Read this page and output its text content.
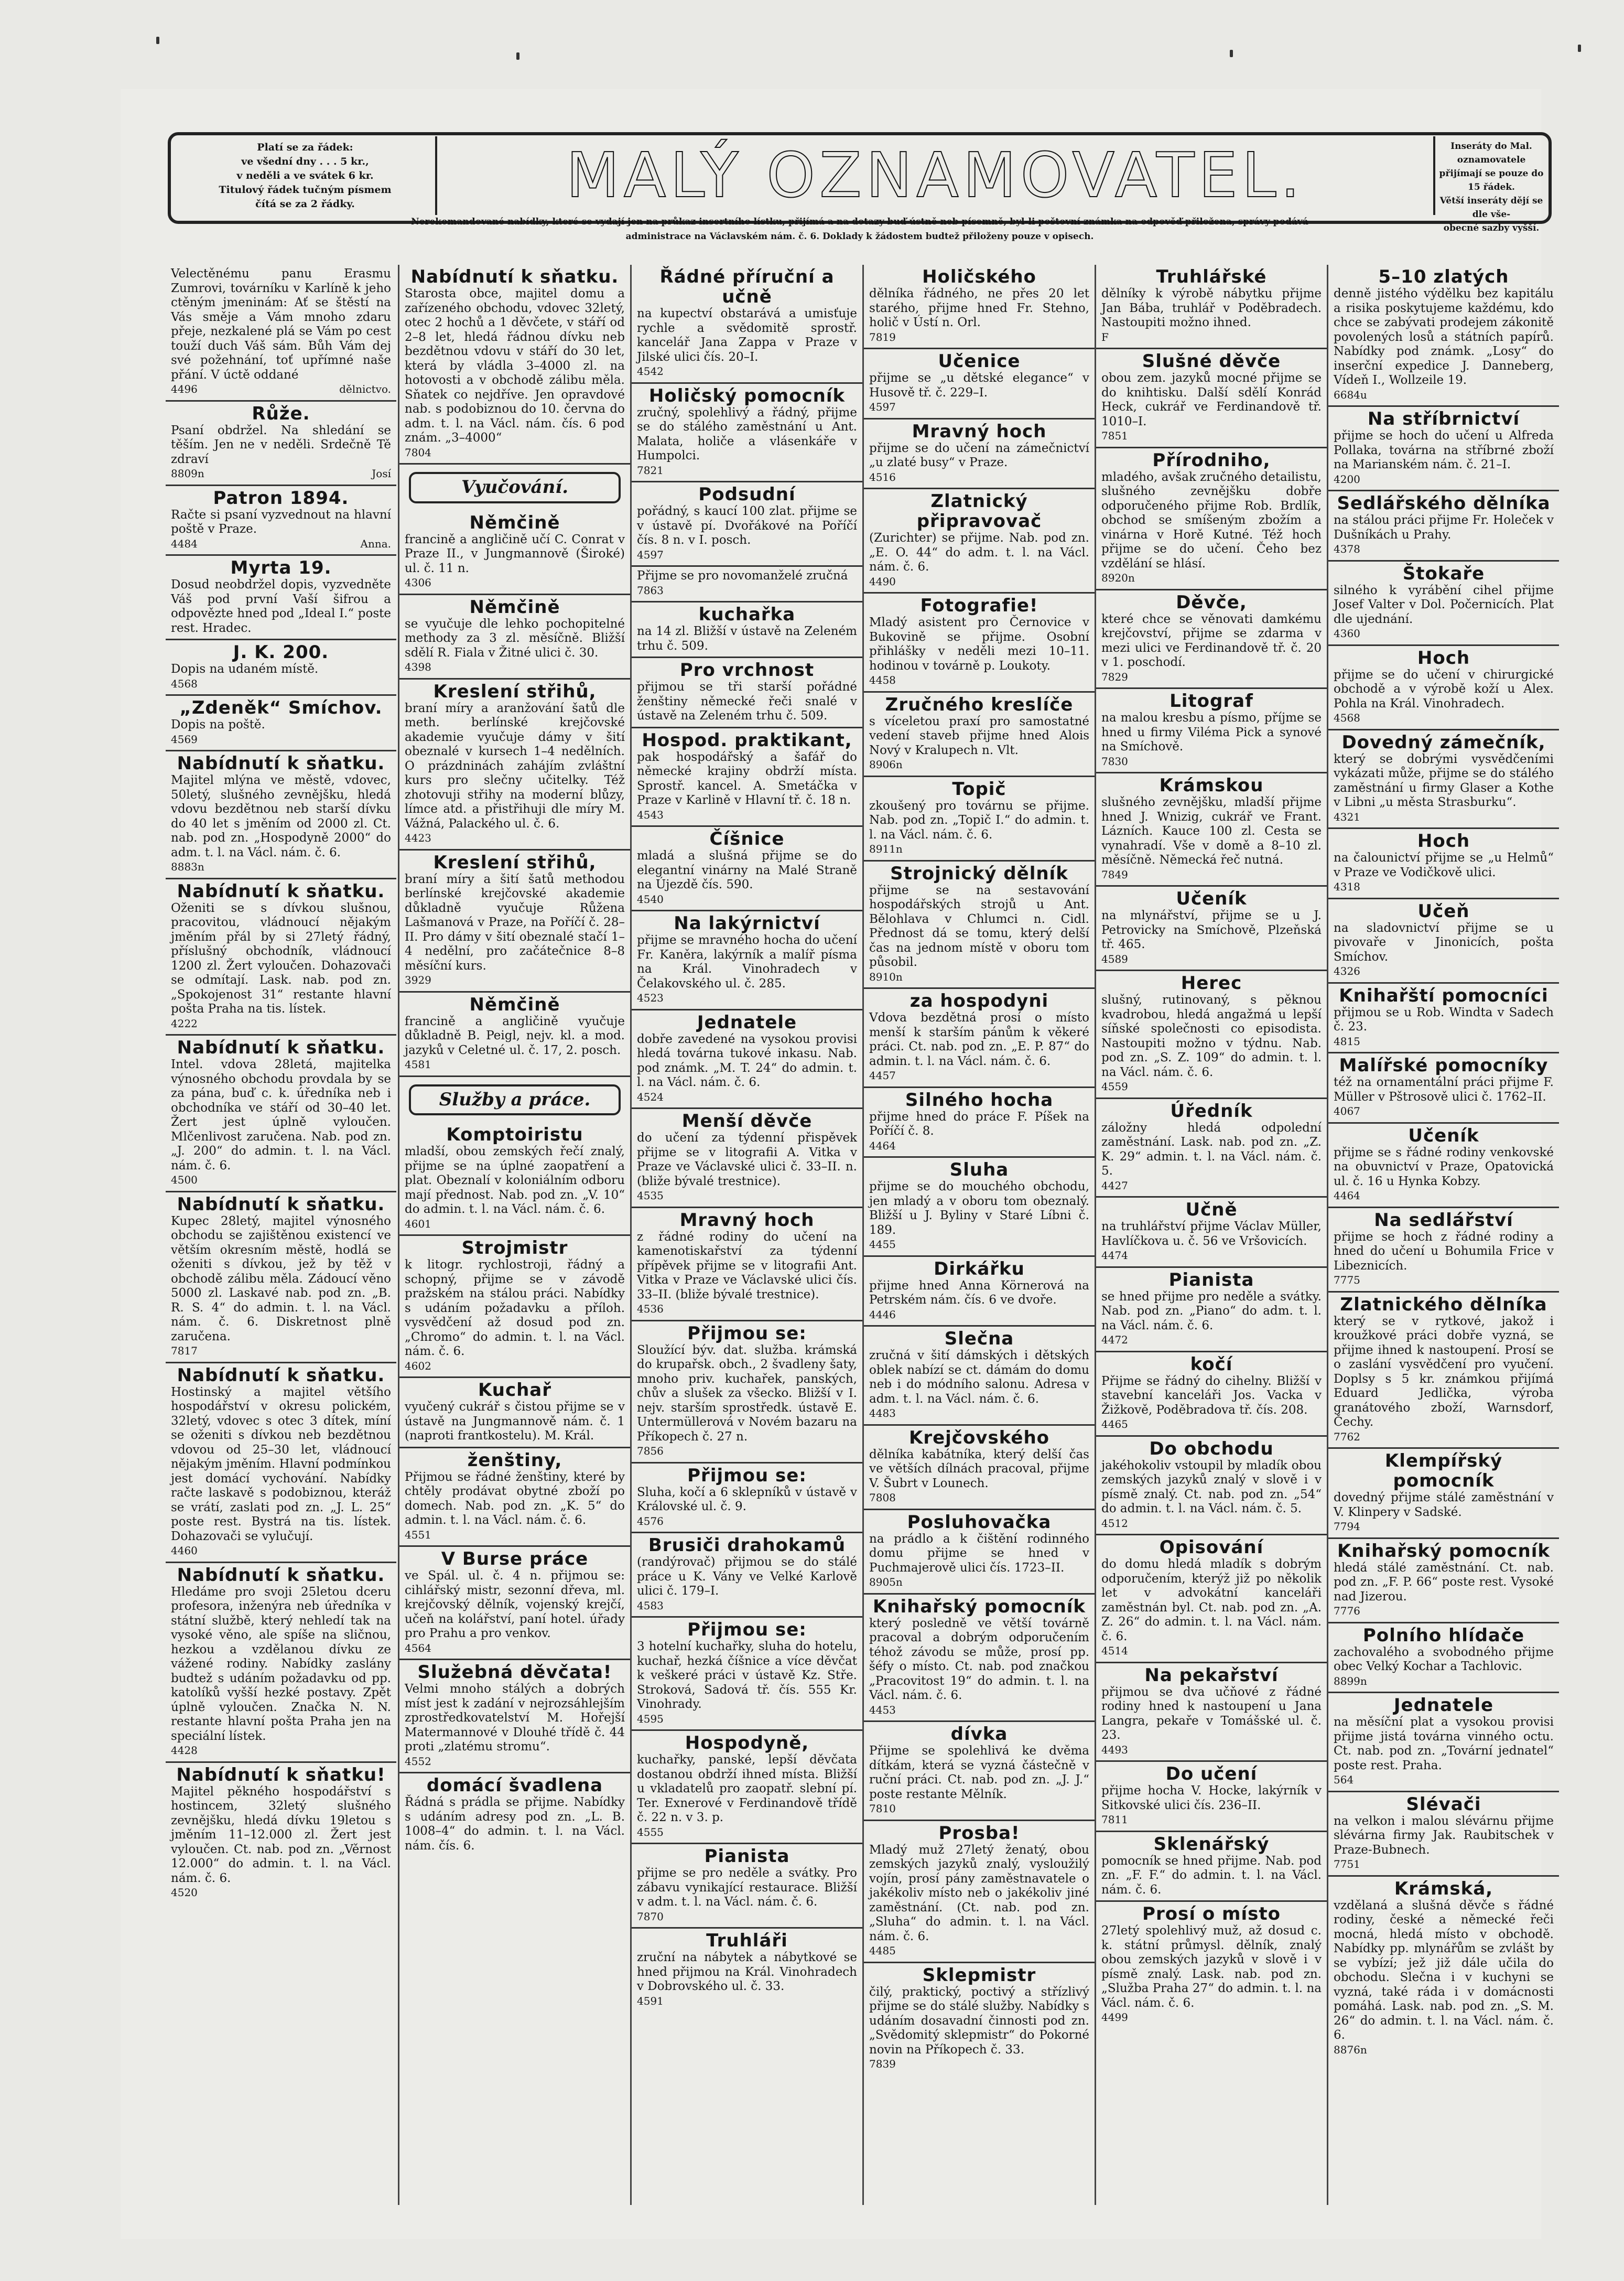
Platí se za řádek:
ve všední dny . . . 5 kr.,
v neděli a ve svátek 6 kr.
Titulový řádek tučným písmem
čítá se za 2 řádky.	MALÝ OZNAMOVATEL.	Inseráty do Mal. oznamovatele
přijímají se pouze do 15 řádek.
Větší inseráty dějí se dle vše-
obecné sazby vyšší.
Nerekomandované nabídky, které se vydají jen na průkaz insertního lístku, přijímá a na dotazy buď ústně neb písemně, byl-li poštovní známka na odpověď přiložena, správy podává
administrace na Václavském nám. č. 6. Doklady k žádostem budtež přiloženy pouze v opisech.
Velectěnému panu Erasmu Zumrovi, továrníku v Karlíně k jeho ctěným jmeninám: Ať se štěstí na Vás směje a Vám mnoho zdaru přeje, nezkalené plá se Vám po cest touží duch Váš sám. Bůh Vám dej své požehnání, toť upřímné naše přání. V úctě oddané
4496	dělnictvo.
Růže.
Psaní obdržel. Na shledání se těším. Jen ne v neděli. Srdečně Tě zdraví
8809n	Josí
Patron 1894.
Račte si psaní vyzvednout na hlavní poště v Praze.
4484	Anna.
Myrta 19.
Dosud neobdržel dopis, vyzvedněte Váš pod první Vaší šifrou a odpovězte hned pod „Ideal I.“ poste rest. Hradec.
J. K. 200.
Dopis na udaném místě.
4568
„Zdeněk“ Smíchov.
Dopis na poště.
4569
Nabídnutí k sňatku.
Majitel mlýna ve městě, vdovec, 50letý, slušného zevnějšku, hledá vdovu bezdětnou neb starší dívku do 40 let s jměním od 2000 zl. Ct. nab. pod zn. „Hospodyně 2000“ do adm. t. l. na Václ. nám. č. 6.
8883n
Nabídnutí k sňatku.
Oženiti se s dívkou slušnou, pracovitou, vládnoucí nějakým jměním přál by si 27letý řádný, příslušný obchodník, vládnoucí 1200 zl. Žert vyloučen. Dohazovači se odmítají. Lask. nab. pod zn. „Spokojenost 31“ restante hlavní pošta Praha na tis. lístek.
4222
Nabídnutí k sňatku.
Intel. vdova 28letá, majitelka výnosného obchodu provdala by se za pána, buď c. k. úředníka neb i obchodníka ve stáří od 30–40 let. Žert jest úplně vyloučen. Mlčenlivost zaručena. Nab. pod zn. „J. 200“ do admin. t. l. na Václ. nám. č. 6.
4500
Nabídnutí k sňatku.
Kupec 28letý, majitel výnosného obchodu se zajištěnou existencí ve větším okresním městě, hodlá se oženiti s dívkou, jež by těž v obchodě zálibu měla. Zádoucí věno 5000 zl. Laskavé nab. pod zn. „B. R. S. 4“ do admin. t. l. na Václ. nám. č. 6. Diskretnost plně zaručena.
7817
Nabídnutí k sňatku.
Hostinský a majitel většího hospodářství v okresu polickém, 32letý, vdovec s otec 3 dítek, míní se oženiti s dívkou neb bezdětnou vdovou od 25–30 let, vládnoucí nějakým jměním. Hlavní podmínkou jest domácí vychování. Nabídky račte laskavě s podobiznou, kteráž se vrátí, zaslati pod zn. „J. L. 25“ poste rest. Bystrá na tis. lístek. Dohazovači se vylučují.
4460
Nabídnutí k sňatku.
Hledáme pro svoji 25letou dceru profesora, inženýra neb úředníka v státní službě, který nehledí tak na vysoké věno, ale spíše na sličnou, hezkou a vzdělanou dívku ze vážené rodiny. Nabídky zaslány budtež s udáním požadavku od pp. katolíků vyšší hezké postavy. Zpět úplně vyloučen. Značka N. N. restante hlavní pošta Praha jen na speciální lístek.
4428
Nabídnutí k sňatku!
Majitel pěkného hospodářství s hostincem, 32letý slušného zevnějšku, hledá dívku 19letou s jměním 11–12.000 zl. Žert jest vyloučen. Ct. nab. pod zn. „Věrnost 12.000“ do admin. t. l. na Václ. nám. č. 6.
4520
Nabídnutí k sňatku.
Starosta obce, majitel domu a zařízeného obchodu, vdovec 32letý, otec 2 hochů a 1 děvčete, v stáří od 2–8 let, hledá řádnou dívku neb bezdětnou vdovu v stáří do 30 let, která by vládla 3–4000 zl. na hotovosti a v obchodě zálibu měla. Sňatek co nejdříve. Jen opravdové nab. s podobiznou do 10. června do adm. t. l. na Václ. nám. čís. 6 pod znám. „3–4000“
7804
Vyučování.
Němčině
francině a angličině učí C. Conrat v Praze II., v Jungmannově (Široké) ul. č. 11 n.
4306
Němčině
se vyučuje dle lehko pochopitelné methody za 3 zl. měsíčně. Bližší sdělí R. Fiala v Žitné ulici č. 30.
4398
Kreslení střihů,
braní míry a aranžování šatů dle meth. berlínské krejčovské akademie vyučuje dámy v šití obeznalé v kursech 1–4 nedělních. O prázdninách zahájím zvláštní kurs pro slečny učitelky. Též zhotovuji střihy na moderní blůzy, límce atd. a přistřihuji dle míry M. Vážná, Palackého ul. č. 6.
4423
Kreslení střihů,
braní míry a šití šatů methodou berlínské krejčovské akademie důkladně vyučuje Růžena Lašmanová v Praze, na Poříčí č. 28–II. Pro dámy v šití obeznalé stačí 1–4 nedělní, pro začátečnice 8–8 měsíční kurs.
3929
Němčině
francině a angličině vyučuje důkladně B. Peigl, nejv. kl. a mod. jazyků v Celetné ul. č. 17, 2. posch.
4581
Služby a práce.
Komptoiristu
mladší, obou zemských řečí znalý, přijme se na úplné zaopatření a plat. Obeznalí v koloniálním odboru mají přednost. Nab. pod zn. „V. 10“ do admin. t. l. na Václ. nám. č. 6.
4601
Strojmistr
k litogr. rychlostroji, řádný a schopný, přijme se v závodě pražském na stálou práci. Nabídky s udáním požadavku a příloh. vysvědčení až dosud pod zn. „Chromo“ do admin. t. l. na Václ. nám. č. 6.
4602
Kuchař
vyučený cukrář s čistou přijme se v ústavě na Jungmannově nám. č. 1 (naproti frantkostelu). M. Král.
ženštiny,
Přijmou se řádné ženštiny, které by chtěly prodávat obytné zboží po domech. Nab. pod zn. „K. 5“ do admin. t. l. na Václ. nám. č. 6.
4551
V Burse práce
ve Spál. ul. č. 4 n. přijmou se: cihlářský mistr, sezonní dřeva, ml. krejčovský dělník, vojenský krejčí, učeň na kolářství, paní hotel. úřady pro Prahu a pro venkov.
4564
Služebná děvčata!
Velmi mnoho stálých a dobrých míst jest k zadání v nejrozsáhlejším zprostředkovatelství M. Hořejší Matermannové v Dlouhé třídě č. 44 proti „zlatému stromu“.
4552
domácí švadlena
Řádná s prádla se přijme. Nabídky s udáním adresy pod zn. „L. B. 1008–4“ do admin. t. l. na Václ. nám. čís. 6.
Řádné příruční a učně
na kupectví obstarává a umisťuje rychle a svědomitě sprostř. kancelář Jana Zappa v Praze v Jilské ulici čís. 20–I.
4542
Holičský pomocník
zručný, spolehlivý a řádný, přijme se do stálého zaměstnání u Ant. Malata, holiče a vlásenkáře v Humpolci.
7821
Podsudní
pořádný, s kaucí 100 zlat. přijme se v ústavě pí. Dvořákové na Poříčí čís. 8 n. v I. posch.
4597
Přijme se pro novomanželé zručná
7863
kuchařka
na 14 zl. Bližší v ústavě na Zeleném trhu č. 509.
Pro vrchnost
přijmou se tři starší pořádné ženštiny německé řeči snalé v ústavě na Zeleném trhu č. 509.
Hospod. praktikant,
pak hospodářský a šafář do německé krajiny obdrží místa. Sprostř. kancel. A. Smetáčka v Praze v Karlině v Hlavní tř. č. 18 n.
4543
Číšnice
mladá a slušná přijme se do elegantní vinárny na Malé Straně na Újezdě čís. 590.
4540
Na lakýrnictví
přijme se mravného hocha do učení Fr. Kaněra, lakýrník a malíř písma na Král. Vinohradech v Čelakovského ul. č. 285.
4523
Jednatele
dobře zavedené na vysokou provisi hledá továrna tukové inkasu. Nab. pod známk. „M. T. 24“ do admin. t. l. na Václ. nám. č. 6.
4524
Menší děvče
do učení za týdenní přispěvek přijme se v litografii A. Vitka v Praze ve Václavské ulici č. 33–II. n. (bliže bývalé trestnice).
4535
Mravný hoch
z řádné rodiny do učení na kamenotiskařství za týdenní přípěvek přijme se v litografii Ant. Vitka v Praze ve Václavské ulici čís. 33–II. (bliže bývalé trestnice).
4536
Přijmou se:
Sloužící býv. dat. služba. krámská do krupařsk. obch., 2 švadleny šaty, mnoho priv. kuchařek, panských, chův a slušek za všecko. Bližší v I. nejv. starším sprostředk. ústavě E. Untermüllerová v Novém bazaru na Příkopech č. 27 n.
7856
Přijmou se:
Sluha, kočí a 6 sklepníků v ústavě v Královské ul. č. 9.
4576
Brusiči drahokamů
(randýrovač) přijmou se do stálé práce u K. Vány ve Velké Karlově ulici č. 179–I.
4583
Přijmou se:
3 hotelní kuchařky, sluha do hotelu, kuchař, hezká číšnice a více děvčat k veškeré práci v ústavě Kz. Stře. Stroková, Sadová tř. čís. 555 Kr. Vinohrady.
4595
Hospodyně,
kuchařky, panské, lepší děvčata dostanou obdrží ihned místa. Bližší u vkladatelů pro zaopatř. slební pí. Ter. Exnerové v Ferdinandově třídě č. 22 n. v 3. p.
4555
Pianista
přijme se pro neděle a svátky. Pro zábavu vynikající restaurace. Bližší v adm. t. l. na Václ. nám. č. 6.
7870
Truhláři
zruční na nábytek a nábytkové se hned přijmou na Král. Vinohradech v Dobrovského ul. č. 33.
4591
Holičského
dělníka řádného, ne přes 20 let starého, přijme hned Fr. Stehno, holič v Ústí n. Orl.
7819
Učenice
přijme se „u dětské elegance“ v Husově tř. č. 229–I.
4597
Mravný hoch
přijme se do učení na zámečnictví „u zlaté busy“ v Praze.
4516
Zlatnický připravovač
(Zurichter) se přijme. Nab. pod zn. „E. O. 44“ do adm. t. l. na Václ. nám. č. 6.
4490
Fotografie!
Mladý asistent pro Černovice v Bukovině se přijme. Osobní přihlášky v neděli mezi 10–11. hodinou v továrně p. Loukoty.
4458
Zručného kreslíče
s víceletou praxí pro samostatné vedení staveb přijme hned Alois Nový v Kralupech n. Vlt.
8906n
Topič
zkoušený pro továrnu se přijme. Nab. pod zn. „Topič I.“ do admin. t. l. na Václ. nám. č. 6.
8911n
Strojnický dělník
přijme se na sestavování hospodářských strojů u Ant. Bělohlava v Chlumci n. Cidl. Přednost dá se tomu, který delší čas na jednom místě v oboru tom působil.
8910n
za hospodyni
Vdova bezdětná prosí o místo menší k starším pánům k věkeré práci. Ct. nab. pod zn. „E. P. 87“ do admin. t. l. na Václ. nám. č. 6.
4457
Silného hocha
přijme hned do práce F. Píšek na Poříčí č. 8.
4464
Sluha
přijme se do mouchého obchodu, jen mladý a v oboru tom obeznalý. Bližší u J. Byliny v Staré Líbni č. 189.
4455
Dirkářku
přijme hned Anna Körnerová na Petrském nám. čís. 6 ve dvoře.
4446
Slečna
zručná v šití dámských i dětských oblek nabízí se ct. dámám do domu neb i do módního salonu. Adresa v adm. t. l. na Václ. nám. č. 6.
4483
Krejčovského
dělníka kabátníka, který delší čas ve větších dílnách pracoval, přijme V. Šubrt v Lounech.
7808
Posluhovačka
na prádlo a k čištění rodinného domu přijme se hned v Puchmajerově ulici čís. 1723–II.
8905n
Knihařský pomocník
který posledně ve větší továrně pracoval a dobrým odporučením téhož závodu se může, prosí pp. šéfy o místo. Ct. nab. pod značkou „Pracovitost 19“ do admin. t. l. na Václ. nám. č. 6.
4453
dívka
Přijme se spolehlivá ke dvěma dítkám, která se vyzná částečně v ruční práci. Ct. nab. pod zn. „J. J.“ poste restante Mělník.
7810
Prosba!
Mladý muž 27letý ženatý, obou zemských jazyků znalý, vysloužilý vojín, prosí pány zaměstnavatele o jakékoliv místo neb o jakékoliv jiné zaměstnání. (Ct. nab. pod zn. „Sluha“ do admin. t. l. na Václ. nám. č. 6.
4485
Sklepmistr
čilý, praktický, poctivý a střízlivý přijme se do stálé služby. Nabídky s udáním dosavadní činnosti pod zn. „Svědomitý sklepmistr“ do Pokorné novin na Příkopech č. 33.
7839
Truhlářské
dělníky k výrobě nábytku přijme Jan Bába, truhlář v Poděbradech. Nastoupiti možno ihned.
F
Slušné děvče
obou zem. jazyků mocné přijme se do knihtisku. Další sdělí Konrád Heck, cukrář ve Ferdinandově tř. 1010–I.
7851
Přírodniho,
mladého, avšak zručného detailistu, slušného zevnějšku dobře odporučeného přijme Rob. Brdlík, obchod se smíšeným zbožím a vinárna v Horě Kutné. Též hoch přijme se do učení. Čeho bez vzdělání se hlásí.
8920n
Děvče,
které chce se věnovati damkému krejčovství, přijme se zdarma v mezi ulici ve Ferdinandově tř. č. 20 v 1. poschodí.
7829
Litograf
na malou kresbu a písmo, příjme se hned u firmy Viléma Pick a synové na Smíchově.
7830
Krámskou
slušného zevnějšku, mladší přijme hned J. Wnizig, cukrář ve Frant. Lázních. Kauce 100 zl. Cesta se vynahradí. Vše v domě a 8–10 zl. měsíčně. Německá řeč nutná.
7849
Učeník
na mlynářství, přijme se u J. Petrovicky na Smíchově, Plzeňská tř. 465.
4589
Herec
slušný, rutinovaný, s pěknou kvadrobou, hledá angažmá u lepší síňské společnosti co episodista. Nastoupiti možno v týdnu. Nab. pod zn. „S. Z. 109“ do admin. t. l. na Václ. nám. č. 6.
4559
Úředník
záložny hledá odpolední zaměstnání. Lask. nab. pod zn. „Z. K. 29“ admin. t. l. na Václ. nám. č. 5.
4427
Učně
na truhlářství přijme Václav Müller, Havlíčkova u. č. 56 ve Vršovicích.
4474
Pianista
se hned přijme pro neděle a svátky. Nab. pod zn. „Piano“ do adm. t. l. na Václ. nám. č. 6.
4472
kočí
Přijme se řádný do cihelny. Bližší v stavební kanceláři Jos. Vacka v Žižkově, Poděbradova tř. čís. 208.
4465
Do obchodu
jakéhokoliv vstoupil by mladík obou zemských jazyků znalý v slově i v písmě znalý. Ct. nab. pod zn. „54“ do admin. t. l. na Václ. nám. č. 5.
4512
Opisování
do domu hledá mladík s dobrým odporučením, kterýž již po několik let v advokátní kanceláři zaměstnán byl. Ct. nab. pod zn. „A. Z. 26“ do admin. t. l. na Václ. nám. č. 6.
4514
Na pekařství
přijmou se dva učňové z řádné rodiny hned k nastoupení u Jana Langra, pekaře v Tomášské ul. č. 23.
4493
Do učení
přijme hocha V. Hocke, lakýrník v Sitkovské ulici čís. 236–II.
7811
Sklenářský
pomocník se hned přijme. Nab. pod zn. „F. F.“ do admin. t. l. na Václ. nám. č. 6.
Prosí o místo
27letý spolehlivý muž, až dosud c. k. státní průmysl. dělník, znalý obou zemských jazyků v slově i v písmě znalý. Lask. nab. pod zn. „Služba Praha 27“ do admin. t. l. na Václ. nám. č. 6.
4499
5–10 zlatých
denně jistého výdělku bez kapitálu a risika poskytujeme každému, kdo chce se zabývati prodejem zákonitě povolených losů a státních papírů. Nabídky pod známk. „Losy“ do inserční expedice J. Danneberg, Vídeň I., Wollzeile 19.
6684u
Na stříbrnictví
přijme se hoch do učení u Alfreda Pollaka, továrna na stříbrné zboží na Marianském nám. č. 21–I.
4200
Sedlářského dělníka
na stálou práci přijme Fr. Holeček v Dušníkách u Prahy.
4378
Štokaře
silného k vyrábění cihel přijme Josef Valter v Dol. Počernicích. Plat dle ujednání.
4360
Hoch
přijme se do učení v chirurgické obchodě a v výrobě koží u Alex. Pohla na Král. Vinohradech.
4568
Dovedný zámečník,
který se dobrými vysvědčeními vykázati může, přijme se do stálého zaměstnání u firmy Glaser a Kothe v Libni „u města Strasburku“.
4321
Hoch
na čalounictví přijme se „u Helmů“ v Praze ve Vodičkově ulici.
4318
Učeň
na sladovnictví přijme se u pivovaře v Jinonicích, pošta Smíchov.
4326
Knihařští pomocníci
přijmou se u Rob. Windta v Sadech č. 23.
4815
Malířské pomocníky
též na ornamentální práci přijme F. Müller v Pštrosově ulici č. 1762–II.
4067
Učeník
přijme se s řádné rodiny venkovské na obuvnictví v Praze, Opatovická ul. č. 16 u Hynka Kobzy.
4464
Na sedlářství
přijme se hoch z řádné rodiny a hned do učení u Bohumila Frice v Libeznicích.
7775
Zlatnického dělníka
který se v rytkové, jakož i kroužkové práci dobře vyzná, se přijme ihned k nastoupení. Prosí se o zaslání vysvědčení pro vyučení. Doplsy s 5 kr. známkou přijímá Eduard Jedlička, výroba granátového zboží, Warnsdorf, Čechy.
7762
Klempířský pomocník
dovedný přijme stálé zaměstnání v V. Klinpery v Sadské.
7794
Knihařský pomocník
hledá stálé zaměstnání. Ct. nab. pod zn. „F. P. 66“ poste rest. Vysoké nad Jizerou.
7776
Polního hlídače
zachovalého a svobodného přijme obec Velký Kochar a Tachlovic.
8899n
Jednatele
na měsíční plat a vysokou provisi přijme jistá továrna vinného octu. Ct. nab. pod zn. „Tovární jednatel“ poste rest. Praha.
564
Slévači
na velkon i malou slévárnu přijme slévárna firmy Jak. Raubitschek v Praze-Bubnech.
7751
Krámská,
vzdělaná a slušná děvče s řádné rodiny, české a německé řeči mocná, hledá místo v obchodě. Nabídky pp. mlynářům se zvlášt by se vybízí; jež již dále učila do obchodu. Slečna i v kuchyni se vyzná, také ráda i v domácnosti pomáhá. Lask. nab. pod zn. „S. M. 26“ do admin. t. l. na Václ. nám. č. 6.
8876n
